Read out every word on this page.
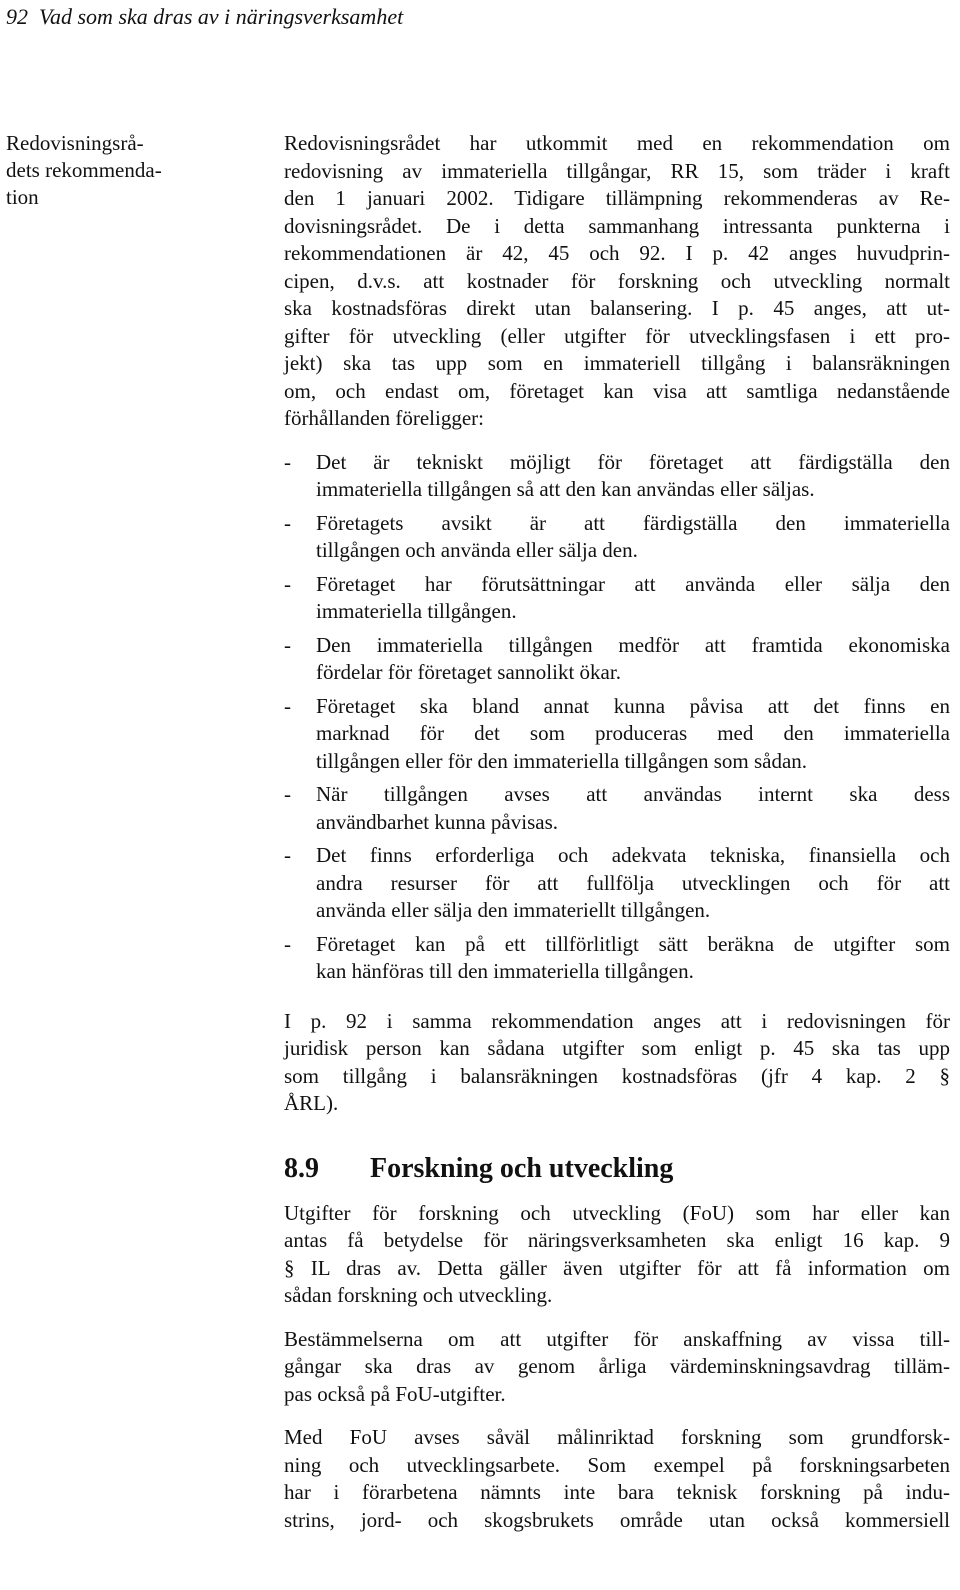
92 Vad som ska dras av i näringsverksamhet
Redovisningsrå-
dets rekommenda-
tion
Redovisningsrådet har utkommit med en rekommendation om
redovisning av immateriella tillgångar, RR 15, som träder i kraft
den 1 januari 2002. Tidigare tillämpning rekommenderas av Re-
dovisningsrådet. De i detta sammanhang intressanta punkterna i
rekommendationen är 42, 45 och 92. I p. 42 anges huvudprin-
cipen, d.v.s. att kostnader för forskning och utveckling normalt
ska kostnadsföras direkt utan balansering. I p. 45 anges, att ut-
gifter för utveckling (eller utgifter för utvecklingsfasen i ett pro-
jekt) ska tas upp som en immateriell tillgång i balansräkningen
om, och endast om, företaget kan visa att samtliga nedanstående
förhållanden föreligger:
- Det är tekniskt möjligt för företaget att färdigställa den
immateriella tillgången så att den kan användas eller säljas.
- Företagets avsikt är att färdigställa den immateriella
tillgången och använda eller sälja den.
- Företaget har förutsättningar att använda eller sälja den
immateriella tillgången.
- Den immateriella tillgången medför att framtida ekonomiska
fördelar för företaget sannolikt ökar.
- Företaget ska bland annat kunna påvisa att det finns en
marknad för det som produceras med den immateriella
tillgången eller för den immateriella tillgången som sådan.
- När tillgången avses att användas internt ska dess
användbarhet kunna påvisas.
- Det finns erforderliga och adekvata tekniska, finansiella och
andra resurser för att fullfölja utvecklingen och för att
använda eller sälja den immateriellt tillgången.
- Företaget kan på ett tillförlitligt sätt beräkna de utgifter som
kan hänföras till den immateriella tillgången.
I p. 92 i samma rekommendation anges att i redovisningen för
juridisk person kan sådana utgifter som enligt p. 45 ska tas upp
som tillgång i balansräkningen kostnadsföras (jfr 4 kap. 2 §
ÅRL).
8.9 Forskning och utveckling
Utgifter för forskning och utveckling (FoU) som har eller kan
antas få betydelse för näringsverksamheten ska enligt 16 kap. 9
§ IL dras av. Detta gäller även utgifter för att få information om
sådan forskning och utveckling.
Bestämmelserna om att utgifter för anskaffning av vissa till-
gångar ska dras av genom årliga värdeminskningsavdrag tilläm-
pas också på FoU-utgifter.
Med FoU avses såväl målinriktad forskning som grundforsk-
ning och utvecklingsarbete. Som exempel på forskningsarbeten
har i förarbetena nämnts inte bara teknisk forskning på indu-
strins, jord- och skogsbrukets område utan också kommersiell
